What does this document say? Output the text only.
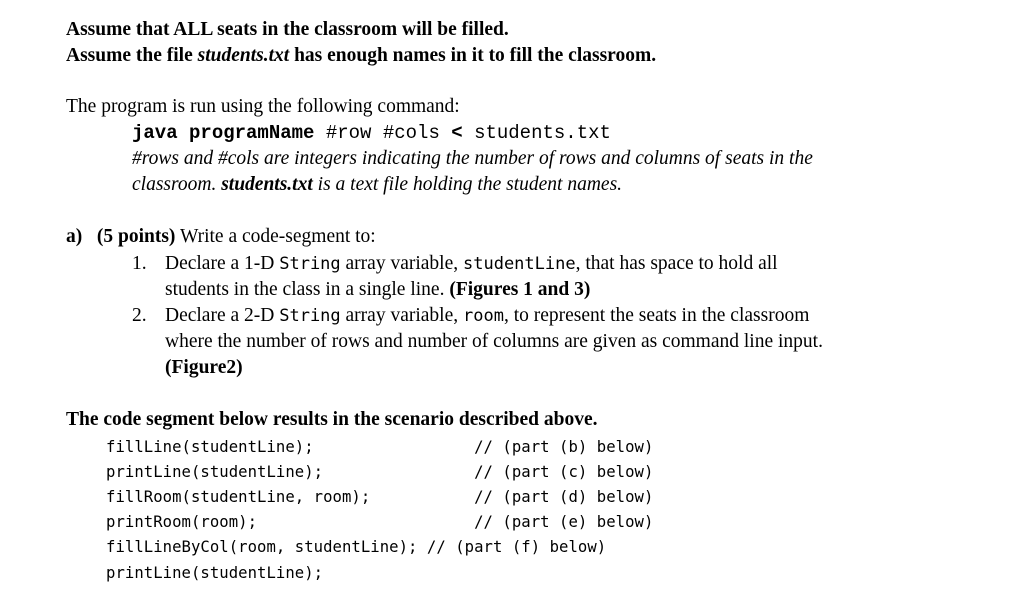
Assume that ALL seats in the classroom will be filled.
Assume the file students.txt has enough names in it to fill the classroom.
The program is run using the following command:
java programName #row #cols < students.txt
#rows and #cols are integers indicating the number of rows and columns of seats in the
classroom. students.txt is a text file holding the student names.
a) (5 points) Write a code-segment to:
1. Declare a 1-D String array variable, studentLine, that has space to hold all
students in the class in a single line. (Figures 1 and 3)
2. Declare a 2-D String array variable, room, to represent the seats in the classroom
where the number of rows and number of columns are given as command line input.
(Figure2)
The code segment below results in the scenario described above.
fillLine(studentLine);                 // (part (b) below)
printLine(studentLine);                // (part (c) below)
fillRoom(studentLine, room);           // (part (d) below)
printRoom(room);                       // (part (e) below)
fillLineByCol(room, studentLine); // (part (f) below)
printLine(studentLine);
